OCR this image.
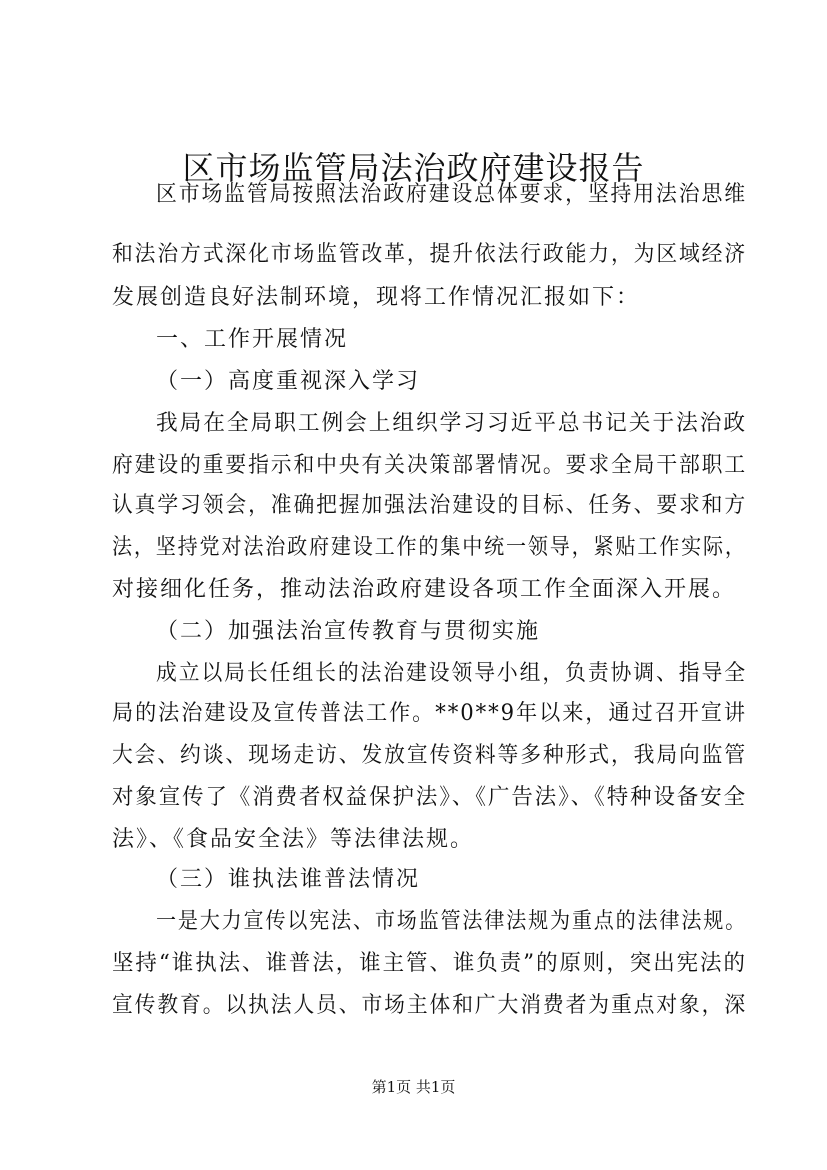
区市场监管局法治政府建设报告
区市场监管局按照法治政府建设总体要求，坚持用法治思维
和法治方式深化市场监管改革，提升依法行政能力，为区域经济
发展创造良好法制环境，现将工作情况汇报如下：
一、工作开展情况
（一）高度重视深入学习
我局在全局职工例会上组织学习习近平总书记关于法治政
府建设的重要指示和中央有关决策部署情况。要求全局干部职工
认真学习领会，准确把握加强法治建设的目标、任务、要求和方
法，坚持党对法治政府建设工作的集中统一领导，紧贴工作实际，
对接细化任务，推动法治政府建设各项工作全面深入开展。
（二）加强法治宣传教育与贯彻实施
成立以局长任组长的法治建设领导小组，负责协调、指导全
局的法治建设及宣传普法工作。**0**9年以来，通过召开宣讲
大会、约谈、现场走访、发放宣传资料等多种形式，我局向监管
对象宣传了《消费者权益保护法》、《广告法》、《特种设备安全
法》、《食品安全法》等法律法规。
（三）谁执法谁普法情况
一是大力宣传以宪法、市场监管法律法规为重点的法律法规。
坚持“谁执法、谁普法，谁主管、谁负责”的原则，突出宪法的
宣传教育。以执法人员、市场主体和广大消费者为重点对象，深
第1页 共1页
